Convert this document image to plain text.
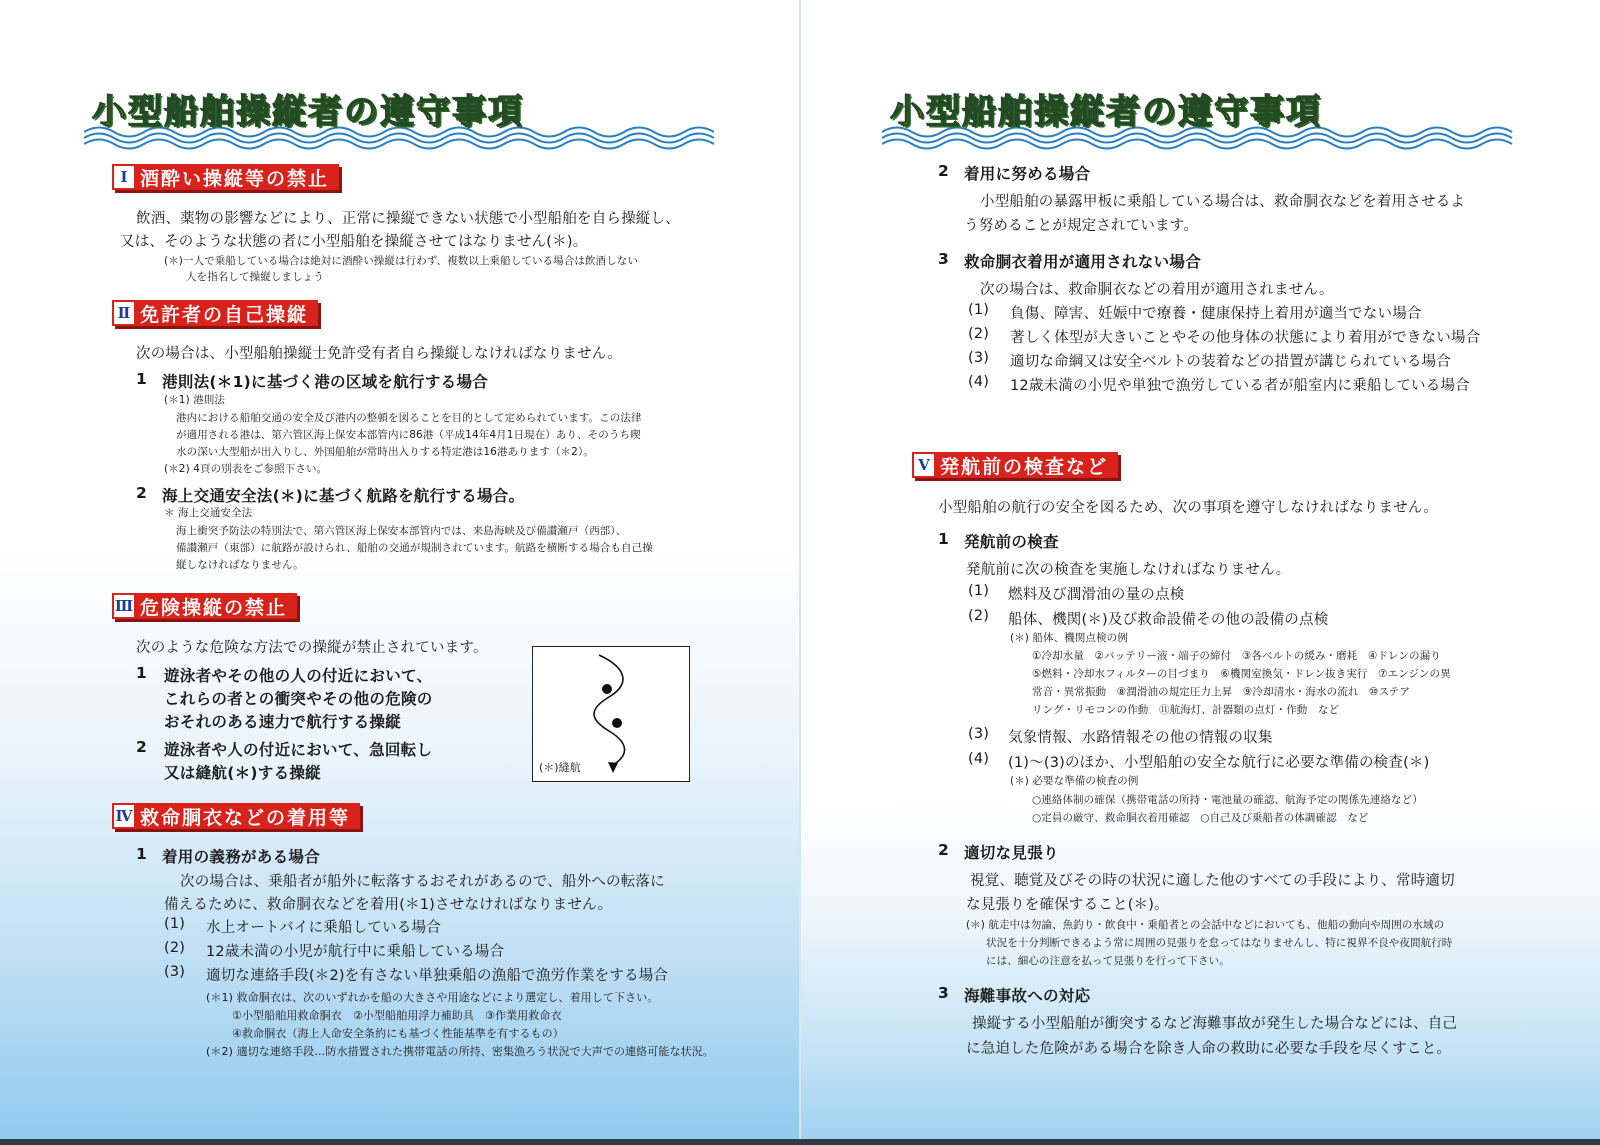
小型船舶操縦者の遵守事項
Ⅰ 酒酔い操縦等の禁止
飲酒、薬物の影響などにより、正常に操縦できない状態で小型船舶を自ら操縦し、
又は、そのような状態の者に小型船舶を操縦させてはなりません(＊)。
(＊)一人で乗船している場合は絶対に酒酔い操縦は行わず、複数以上乗船している場合は飲酒しない
人を指名して操縦しましょう
Ⅱ 免許者の自己操縦
次の場合は、小型船舶操縦士免許受有者自ら操縦しなければなりません。
1 港則法(＊1)に基づく港の区域を航行する場合
(＊1) 港則法
港内における船舶交通の安全及び港内の整頓を図ることを目的として定められています。この法律
が適用される港は、第六管区海上保安本部管内に86港（平成14年4月1日現在）あり、そのうち喫
水の深い大型船が出入りし、外国船舶が常時出入りする特定港は16港あります（＊2）。
(＊2) 4頁の別表をご参照下さい。
2 海上交通安全法(＊)に基づく航路を航行する場合。
＊ 海上交通安全法
海上衝突予防法の特別法で、第六管区海上保安本部管内では、来島海峡及び備讃瀬戸（西部）、
備讃瀬戸（東部）に航路が設けられ、船舶の交通が規制されています。航路を横断する場合も自己操
縦しなければなりません。
Ⅲ 危険操縦の禁止
次のような危険な方法での操縦が禁止されています。
1 遊泳者やその他の人の付近において、
これらの者との衝突やその他の危険の
おそれのある速力で航行する操縦
2 遊泳者や人の付近において、急回転し
又は縫航(＊)する操縦	(＊)縫航
Ⅳ 救命胴衣などの着用等
1 着用の義務がある場合
次の場合は、乗船者が船外に転落するおそれがあるので、船外への転落に
備えるために、救命胴衣などを着用(＊1)させなければなりません。
(1) 水上オートバイに乗船している場合
(2) 12歳未満の小児が航行中に乗船している場合
(3) 適切な連絡手段(＊2)を有さない単独乗船の漁船で漁労作業をする場合
(＊1) 救命胴衣は、次のいずれかを船の大きさや用途などにより選定し、着用して下さい。
①小型船舶用救命胴衣　②小型船舶用浮力補助具　③作業用救命衣
④救命胴衣（海上人命安全条約にも基づく性能基準を有するもの）
(＊2) 適切な連絡手段…防水措置された携帯電話の所持、密集漁ろう状況で大声での連絡可能な状況。
小型船舶操縦者の遵守事項
2 着用に努める場合
小型船舶の暴露甲板に乗船している場合は、救命胴衣などを着用させるよ
う努めることが規定されています。
3 救命胴衣着用が適用されない場合
次の場合は、救命胴衣などの着用が適用されません。
(1) 負傷、障害、妊娠中で療養・健康保持上着用が適当でない場合
(2) 著しく体型が大きいことやその他身体の状態により着用ができない場合
(3) 適切な命綱又は安全ベルトの装着などの措置が講じられている場合
(4) 12歳未満の小児や単独で漁労している者が船室内に乗船している場合
Ⅴ 発航前の検査など
小型船舶の航行の安全を図るため、次の事項を遵守しなければなりません。
1 発航前の検査
発航前に次の検査を実施しなければなりません。
(1) 燃料及び潤滑油の量の点検
(2) 船体、機関(＊)及び救命設備その他の設備の点検
(＊) 船体、機関点検の例
①冷却水量　②バッテリー液・端子の締付　③各ベルトの緩み・磨耗　④ドレンの漏り
⑤燃料・冷却水フィルターの目づまり　⑥機関室換気・ドレン抜き実行　⑦エンジンの異
常音・異常振動　⑧潤滑油の規定圧力上昇　⑨冷却清水・海水の流れ　⑩ステア
リング・リモコンの作動　⑪航海灯、計器類の点灯・作動　など
(3) 気象情報、水路情報その他の情報の収集
(4) (1)～(3)のほか、小型船舶の安全な航行に必要な準備の検査(＊)
(＊) 必要な準備の検査の例
○連絡体制の確保（携帯電話の所持・電池量の確認、航海予定の関係先連絡など）
○定員の厳守、救命胴衣着用確認　○自己及び乗船者の体調確認　など
2 適切な見張り
視覚、聴覚及びその時の状況に適した他のすべての手段により、常時適切
な見張りを確保すること(＊)。
(＊) 航走中は勿論、魚釣り・飲食中・乗船者との会話中などにおいても、他船の動向や周囲の水域の
状況を十分判断できるよう常に周囲の見張りを怠ってはなりませんし、特に視界不良や夜間航行時
には、細心の注意を払って見張りを行って下さい。
3 海難事故への対応
操縦する小型船舶が衝突するなど海難事故が発生した場合などには、自己
に急迫した危険がある場合を除き人命の救助に必要な手段を尽くすこと。
